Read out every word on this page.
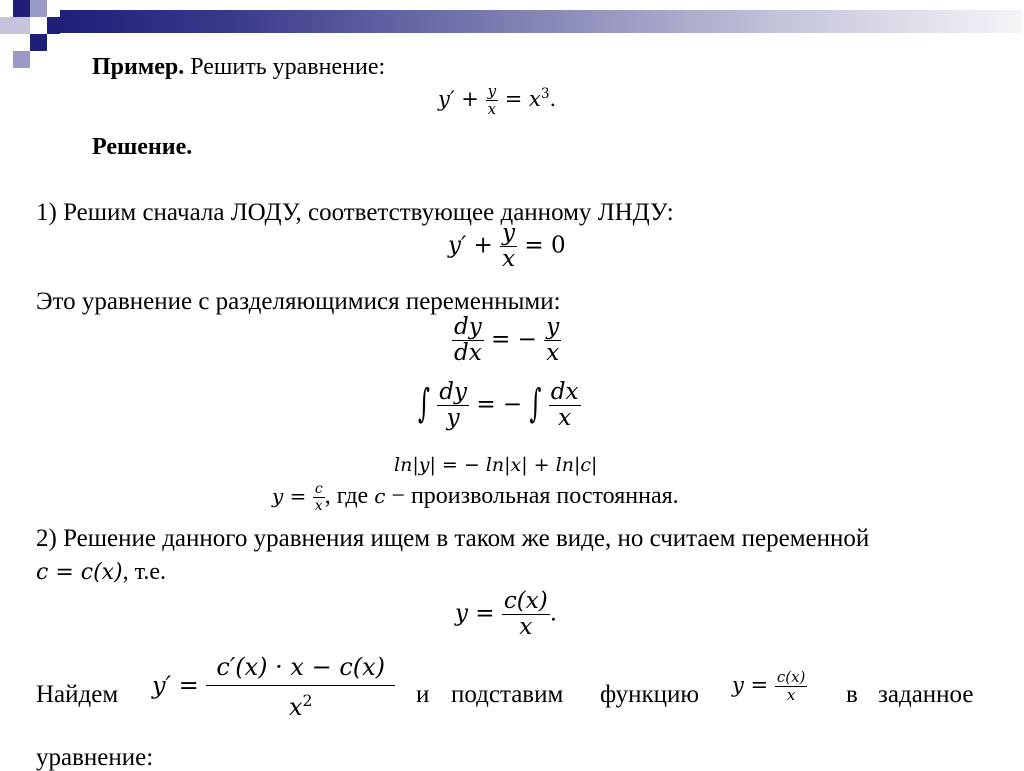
Пример. Решить уравнение:
$y' + \frac{y}{x} = x^3$.
Решение.
1) Решим сначала ЛОДУ, соответствующее данному ЛНДУ:
$y' + \frac{y}{x} = 0$
Это уравнение с разделяющимися переменными:
$\frac{dy}{dx}$ = − $\frac{y}{x}$
∫ $\frac{dy}{y}$ = − ∫ $\frac{dx}{x}$
ln|y| = − ln|x| + ln|c|
$y = \frac{c}{x}$ , где c − произвольная постоянная.
2) Решение данного уравнения ищем в таком же виде, но считаем переменной
c = c(x), т.е.
$y = \frac{c(x)}{x}$ .
Найдем $y' = \frac{c'(x) \cdot x - c(x)}{x^2}$ и подставим функцию $y = \frac{c(x)}{x}$ в заданное
уравнение:
